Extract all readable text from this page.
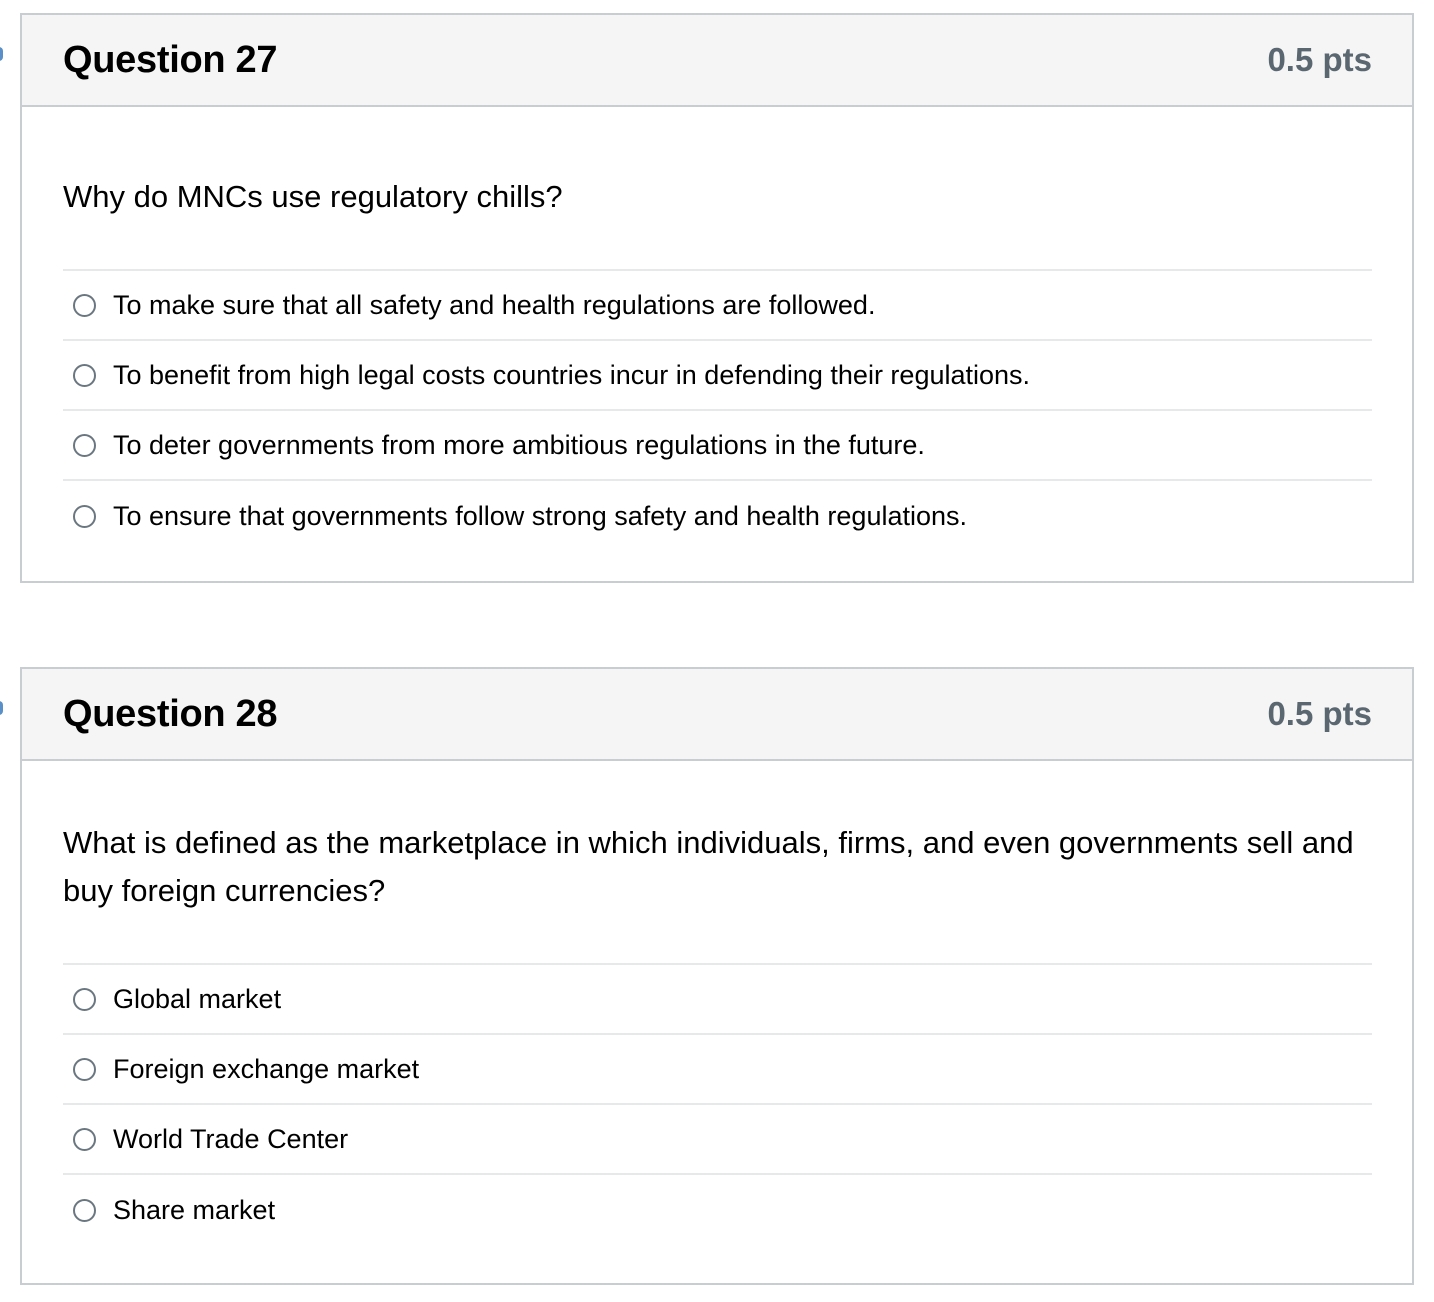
Question 27	0.5 pts

Why do MNCs use regulatory chills?

To make sure that all safety and health regulations are followed.
To benefit from high legal costs countries incur in defending their regulations.
To deter governments from more ambitious regulations in the future.
To ensure that governments follow strong safety and health regulations.
Question 28	0.5 pts

What is defined as the marketplace in which individuals, firms, and even governments sell and buy foreign currencies?

Global market
Foreign exchange market
World Trade Center
Share market
